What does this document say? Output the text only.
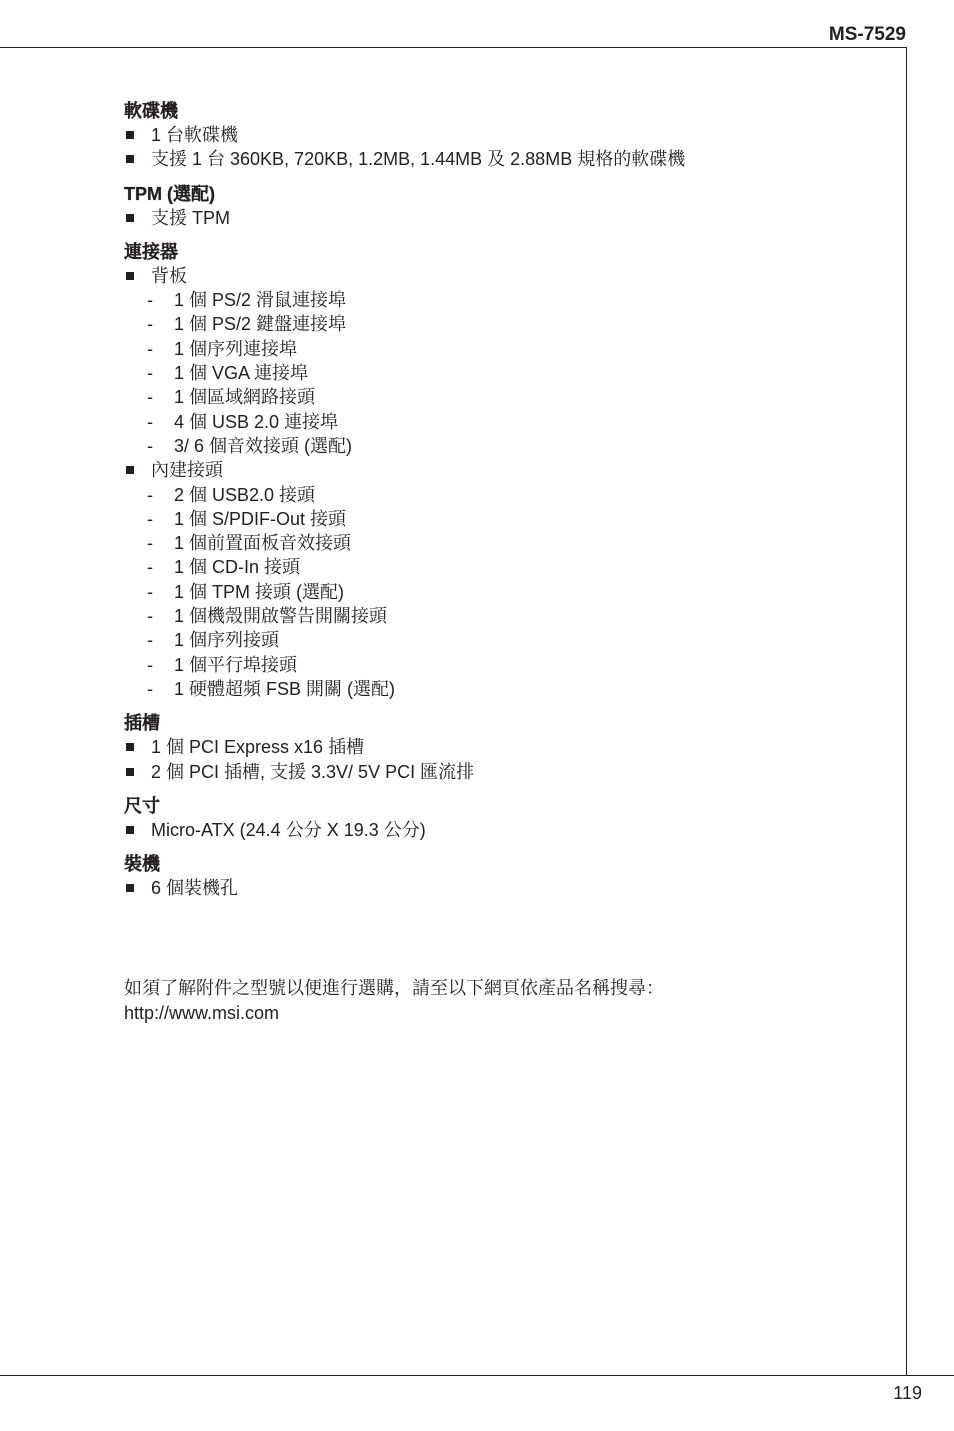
MS-7529
軟碟機
1 台軟碟機
支援 1 台 360KB, 720KB, 1.2MB, 1.44MB 及 2.88MB 規格的軟碟機
TPM (選配)
支援 TPM
連接器
背板
- 1 個 PS/2 滑鼠連接埠
- 1 個 PS/2 鍵盤連接埠
- 1 個序列連接埠
- 1 個 VGA 連接埠
- 1 個區域網路接頭
- 4 個 USB 2.0 連接埠
- 3/ 6 個音效接頭 (選配)
內建接頭
- 2 個 USB2.0 接頭
- 1 個 S/PDIF-Out 接頭
- 1 個前置面板音效接頭
- 1 個 CD-In 接頭
- 1 個 TPM 接頭 (選配)
- 1 個機殼開啟警告開關接頭
- 1 個序列接頭
- 1 個平行埠接頭
- 1 硬體超頻 FSB 開關 (選配)
插槽
1 個 PCI Express x16 插槽
2 個 PCI 插槽, 支援 3.3V/ 5V PCI 匯流排
尺寸
Micro-ATX (24.4 公分 X 19.3 公分)
裝機
6 個裝機孔
如須了解附件之型號以便進行選購，請至以下網頁依產品名稱搜尋：
http://www.msi.com
119
